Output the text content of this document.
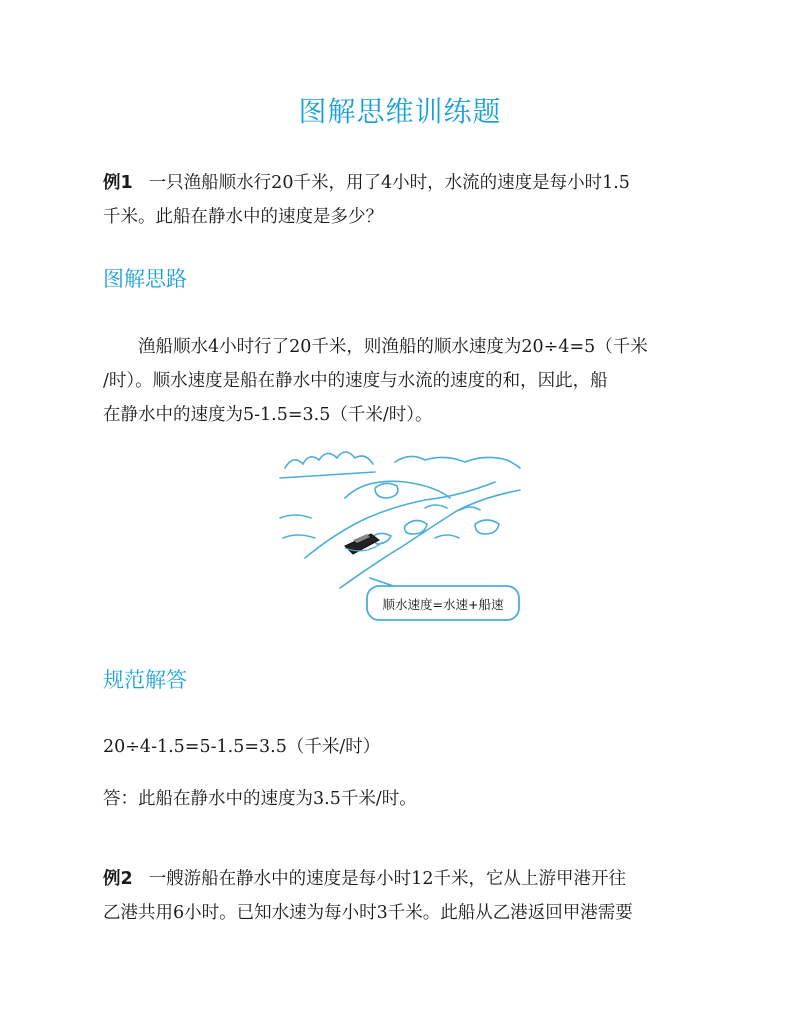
图解思维训练题
例1 一只渔船顺水行20千米，用了4小时，水流的速度是每小时1.5
千米。此船在静水中的速度是多少？
图解思路
渔船顺水4小时行了20千米，则渔船的顺水速度为20÷4=5（千米
/时）。顺水速度是船在静水中的速度与水流的速度的和，因此，船
在静水中的速度为5-1.5=3.5（千米/时）。
顺水速度=水速+船速
规范解答
20÷4-1.5=5-1.5=3.5（千米/时）
答：此船在静水中的速度为3.5千米/时。
例2 一艘游船在静水中的速度是每小时12千米，它从上游甲港开往
乙港共用6小时。已知水速为每小时3千米。此船从乙港返回甲港需要
